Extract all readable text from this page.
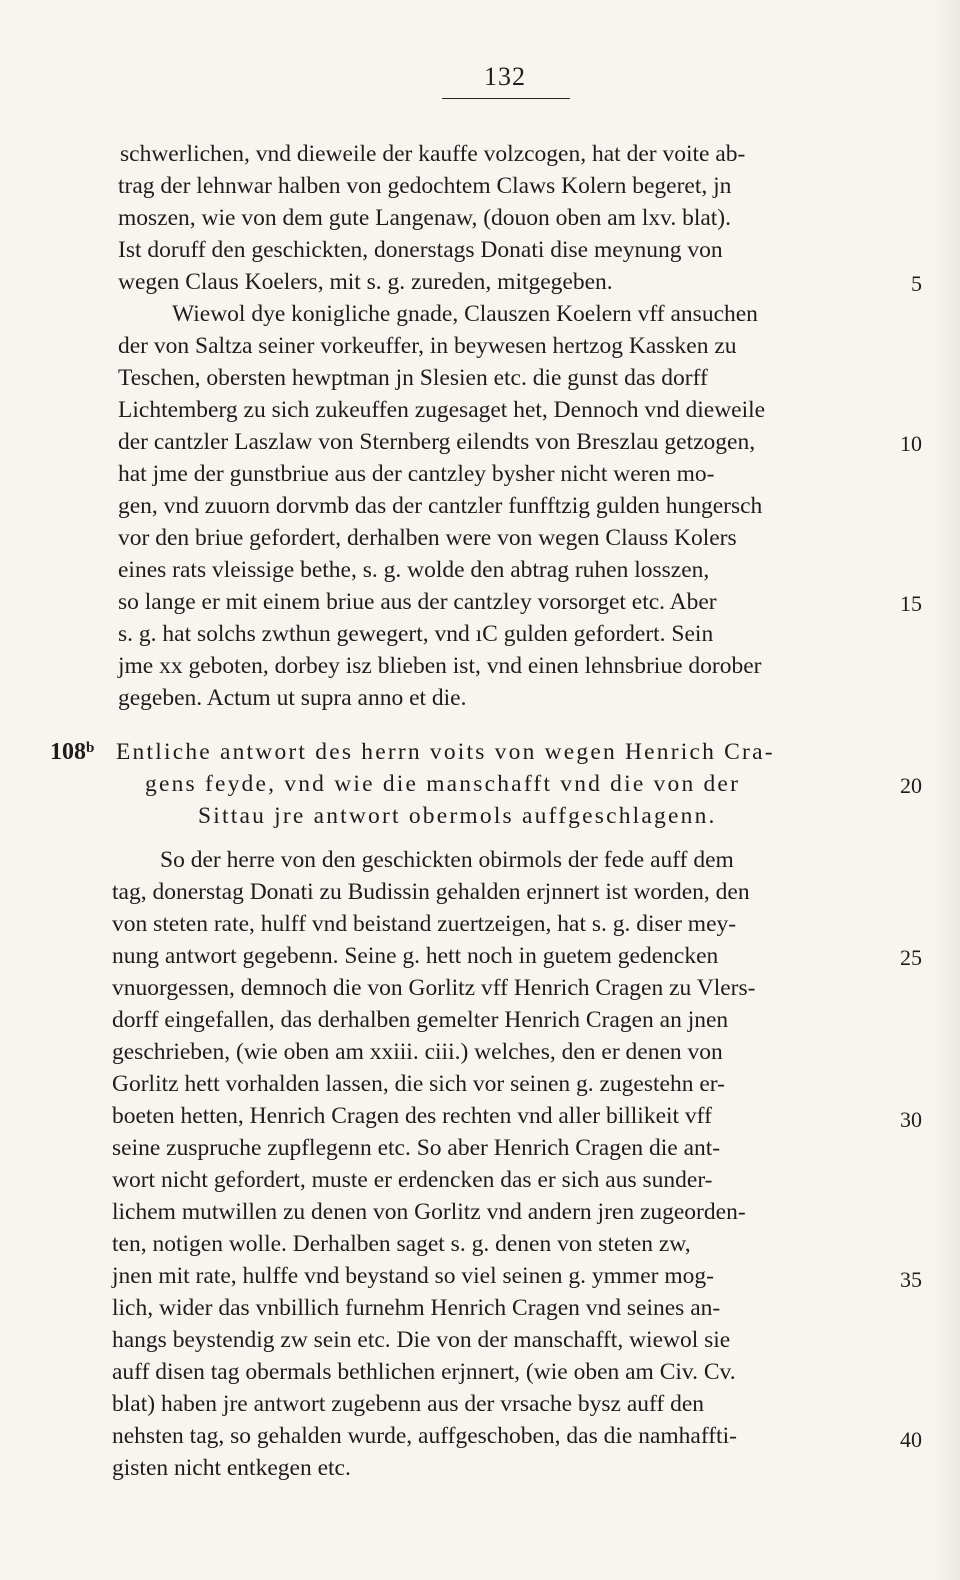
132
schwerlichen, vnd dieweile der kauffe volzcogen, hat der voite ab-
trag der lehnwar halben von gedochtem Claws Kolern begeret, jn
moszen, wie von dem gute Langenaw, (douon oben am lxv. blat).
Ist doruff den geschickten, donerstags Donati dise meynung von
wegen Claus Koelers, mit s. g. zureden, mitgegeben.
Wiewol dye konigliche gnade, Clauszen Koelern vff ansuchen
der von Saltza seiner vorkeuffer, in beywesen hertzog Kassken zu
Teschen, obersten hewptman jn Slesien etc. die gunst das dorff
Lichtemberg zu sich zukeuffen zugesaget het, Dennoch vnd dieweile
der cantzler Laszlaw von Sternberg eilendts von Breszlau getzogen,
hat jme der gunstbriue aus der cantzley bysher nicht weren mo-
gen, vnd zuuorn dorvmb das der cantzler funfftzig gulden hungersch
vor den briue gefordert, derhalben were von wegen Clauss Kolers
eines rats vleissige bethe, s. g. wolde den abtrag ruhen losszen,
so lange er mit einem briue aus der cantzley vorsorget etc. Aber
s. g. hat solchs zwthun gewegert, vnd ıC gulden gefordert. Sein
jme xx geboten, dorbey isz blieben ist, vnd einen lehnsbriue dorober
gegeben. Actum ut supra anno et die.
108$^b$ Entliche antwort des herrn voits von wegen Henrich Cra-
gens feyde, vnd wie die manschafft vnd die von der
Sittau jre antwort obermols auffgeschlagenn.
So der herre von den geschickten obirmols der fede auff dem
tag, donerstag Donati zu Budissin gehalden erjnnert ist worden, den
von steten rate, hulff vnd beistand zuertzeigen, hat s. g. diser mey-
nung antwort gegebenn. Seine g. hett noch in guetem gedencken
vnuorgessen, demnoch die von Gorlitz vff Henrich Cragen zu Vlers-
dorff eingefallen, das derhalben gemelter Henrich Cragen an jnen
geschrieben, (wie oben am xxiii. ciii.) welches, den er denen von
Gorlitz hett vorhalden lassen, die sich vor seinen g. zugestehn er-
boeten hetten, Henrich Cragen des rechten vnd aller billikeit vff
seine zuspruche zupflegenn etc. So aber Henrich Cragen die ant-
wort nicht gefordert, muste er erdencken das er sich aus sunder-
lichem mutwillen zu denen von Gorlitz vnd andern jren zugeorden-
ten, notigen wolle. Derhalben saget s. g. denen von steten zw,
jnen mit rate, hulffe vnd beystand so viel seinen g. ymmer mog-
lich, wider das vnbillich furnehm Henrich Cragen vnd seines an-
hangs beystendig zw sein etc. Die von der manschafft, wiewol sie
auff disen tag obermals bethlichen erjnnert, (wie oben am Civ. Cv.
blat) haben jre antwort zugebenn aus der vrsache bysz auff den
nehsten tag, so gehalden wurde, auffgeschoben, das die namhaffti-
gisten nicht entkegen etc.
5
10
15
20
25
30
35
40
